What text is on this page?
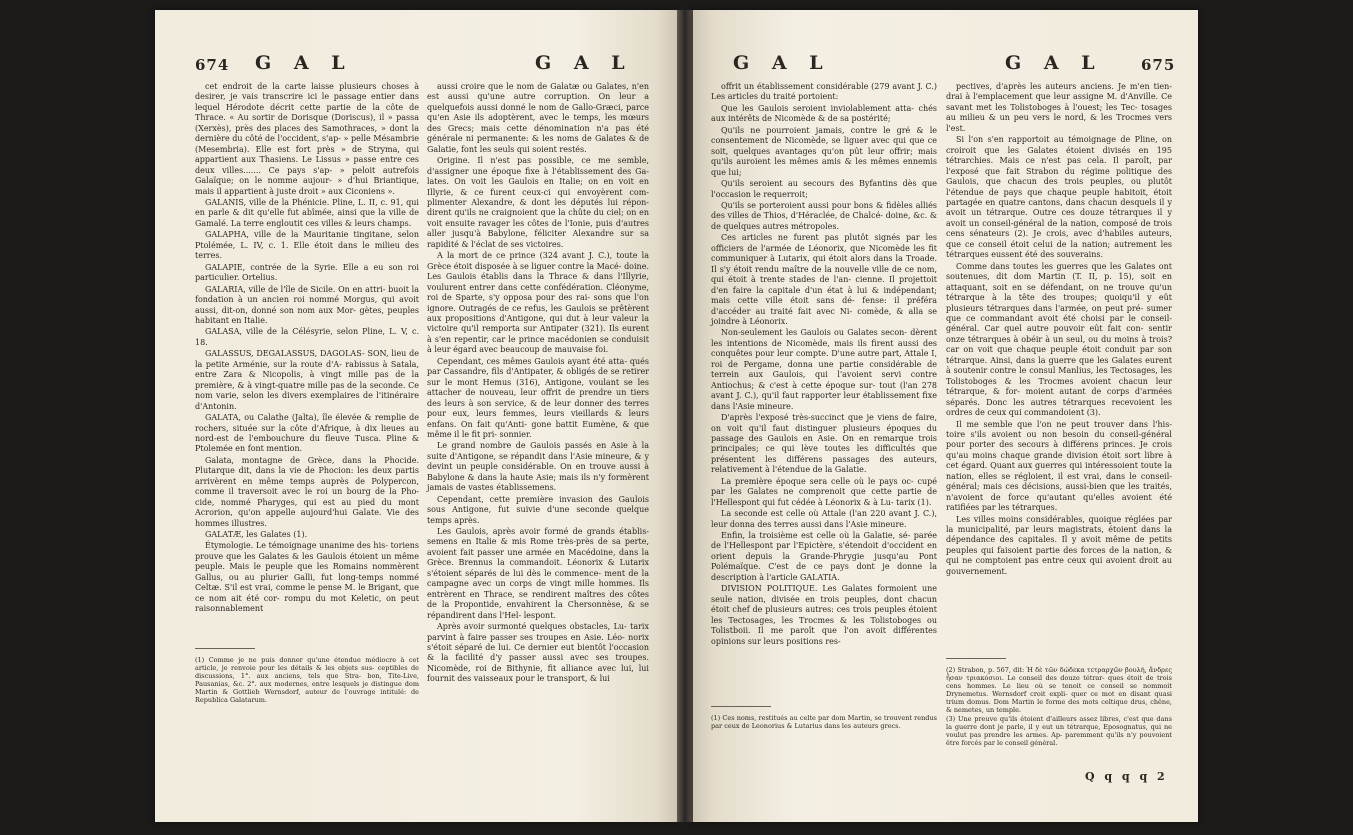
674 G A L	G A L

cet endroit de la carte laisse plusieurs choses à desirer, je vais transcrire ici le passage entier dans lequel Hérodote décrit cette partie de la côte de Thrace. « Au sortir de Dorisque (Doriscus), il » passa (Xerxès), près des places des Samothraces, » dont la dernière du côté de l'occident, s'ap- » pelle Mésambrie (Mesembria). Elle est fort près » de Stryma, qui appartient aux Thasiens. Le Lissus » passe entre ces deux villes....... Ce pays s'ap- » peloit autrefois Galaïque; on le nomme aujour- » d'hui Briantique, mais il appartient à juste droit » aux Ciconiens ».

GALANIS, ville de la Phénicie. Pline, L. II, c. 91, qui en parle & dit qu'elle fut abîmée, ainsi que la ville de Gamalé. La terre engloutit ces villes & leurs champs.

GALAPHA, ville de la Mauritanie tingitane, selon Ptolémée, L. IV, c. 1. Elle étoit dans le milieu des terres.

GALAPIE, contrée de la Syrie. Elle a eu son roi particulier. Ortelius.

GALARIA, ville de l'île de Sicile. On en attri- buoit la fondation à un ancien roi nommé Morgus, qui avoit aussi, dit-on, donné son nom aux Mor- gètes, peuples habitant en Italie.

GALASA, ville de la Célésyrie, selon Pline, L. V, c. 18.

GALASSUS, DEGALASSUS, DAGOLAS- SON, lieu de la petite Arménie, sur la route d'A- rabissus à Satala, entre Zara & Nicopolis, à vingt mille pas de la première, & à vingt-quatre mille pas de la seconde. Ce nom varie, selon les divers exemplaires de l'itinéraire d'Antonin.

GALATA, ou Calathe (Jalta), île élevée & remplie de rochers, située sur la côte d'Afrique, à dix lieues au nord-est de l'embouchure du fleuve Tusca. Pline & Ptolemée en font mention.

Galata, montagne de Grèce, dans la Phocide. Plutarque dit, dans la vie de Phocion: les deux partis arrivèrent en même temps auprès de Polypercon, comme il traversoit avec le roi un bourg de la Pho- cide, nommé Pharyges, qui est au pied du mont Acrorion, qu'on appelle aujourd'hui Galate. Vie des hommes illustres.

GALATÆ, les Galates (1).

Étymologie. Le témoignage unanime des his- toriens prouve que les Galates & les Gaulois étoient un même peuple. Mais le peuple que les Romains nommèrent Gallus, ou au plurier Galli, fut long-temps nommé Celtæ. S'il est vrai, comme le pense M. le Brigant, que ce nom ait été cor- rompu du mot Keletic, on peut raisonnablement

(1) Comme je ne puis donner qu'une étendue médiocre à cet article, je renvoie pour les détails & les objets sus- ceptibles de discussions, 1°. aux anciens, tels que Stra- bon, Tite-Live, Pausanias, &c. 2°. aux modernes, entre lesquels je distingue dom Martin & Gottlieb Wernsdorf, auteur de l'ouvrage intitulé: de Republica Galatarum.

aussi croire que le nom de Galatæ ou Galates, n'en est aussi qu'une autre corruption. On leur a quelquefois aussi donné le nom de Gallo-Græci, parce qu'en Asie ils adoptèrent, avec le temps, les mœurs des Grecs; mais cette dénomination n'a pas été générale ni permanente: & les noms de Galates & de Galatie, font les seuls qui soient restés.

Origine. Il n'est pas possible, ce me semble, d'assigner une époque fixe à l'établissement des Ga- lates. On voit les Gaulois en Italie; on en voit en Illyrie, & ce furent ceux-ci qui envoyèrent com- plimenter Alexandre, & dont les députés lui répon- dirent qu'ils ne craignoient que la chûte du ciel; on en voit ensuite ravager les côtes de l'Ionie, puis d'autres aller jusqu'à Babylone, féliciter Alexandre sur sa rapidité & l'éclat de ses victoires.

A la mort de ce prince (324 avant J. C.), toute la Grèce étoit disposée à se liguer contre la Macé- doine. Les Gaulois établis dans la Thrace & dans l'Illyrie, voulurent entrer dans cette confédération. Cléonyme, roi de Sparte, s'y opposa pour des rai- sons que l'on ignore. Outragés de ce refus, les Gaulois se prêtèrent aux propositions d'Antigone, qui dut à leur valeur la victoire qu'il remporta sur Antipater (321). Ils eurent à s'en repentir, car le prince macédonien se conduisit à leur égard avec beaucoup de mauvaise foi.

Cependant, ces mêmes Gaulois ayant été atta- qués par Cassandre, fils d'Antipater, & obligés de se retirer sur le mont Hemus (316), Antigone, voulant se les attacher de nouveau, leur offrit de prendre un tiers des leurs à son service, & de leur donner des terres pour eux, leurs femmes, leurs vieillards & leurs enfans. On fait qu'Anti- gone battit Eumène, & que même il le fit pri- sonnier.

Le grand nombre de Gaulois passés en Asie à la suite d'Antigone, se répandit dans l'Asie mineure, & y devint un peuple considérable. On en trouve aussi à Babylone & dans la haute Asie; mais ils n'y formèrent jamais de vastes établissemens.

Cependant, cette première invasion des Gaulois sous Antigone, fut suivie d'une seconde quelque temps après.

Les Gaulois, après avoir formé de grands établis- semens en Italie & mis Rome très-près de sa perte, avoient fait passer une armée en Macédoine, dans la Grèce. Brennus la commandoit. Léonorix & Lutarix s'étoient séparés de lui dès le commence- ment de la campagne avec un corps de vingt mille hommes. Ils entrèrent en Thrace, se rendirent maîtres des côtes de la Propontide, envahirent la Chersonnèse, & se répandirent dans l'Hel- lespont.

Après avoir surmonté quelques obstacles, Lu- tarix parvint à faire passer ses troupes en Asie. Léo- norix s'étoit séparé de lui. Ce dernier eut bientôt l'occasion & la facilité d'y passer aussi avec ses troupes. Nicomède, roi de Bithynie, fit alliance avec lui, lui fournit des vaisseaux pour le transport, & lui

G A L	G A L	675

offrit un établissement considérable (279 avant J. C.) Les articles du traité portoient:

Que les Gaulois seroient inviolablement atta- chés aux intérêts de Nicomède & de sa postérité;

Qu'ils ne pourroient jamais, contre le gré & le consentement de Nicomède, se liguer avec qui que ce soit, quelques avantages qu'on pût leur offrir; mais qu'ils auroient les mêmes amis & les mêmes ennemis que lui;

Qu'ils seroient au secours des Byfantins dès que l'occasion le requerroit;

Qu'ils se porteroient aussi pour bons & fidèles alliés des villes de Thios, d'Héraclée, de Chalcé- doine, &c. & de quelques autres métropoles.

Ces articles ne furent pas plutôt signés par les officiers de l'armée de Léonorix, que Nicomède les fit communiquer à Lutarix, qui étoit alors dans la Troade. Il s'y étoit rendu maître de la nouvelle ville de ce nom, qui étoit à trente stades de l'an- cienne. Il projettoit d'en faire la capitale d'un état à lui & indépendant; mais cette ville étoit sans dé- fense: il préféra d'accéder au traité fait avec Ni- comède, & alla se joindre à Léonorix.

Non-seulement les Gaulois ou Galates secon- dèrent les intentions de Nicomède, mais ils firent aussi des conquêtes pour leur compte. D'une autre part, Attale I, roi de Pergame, donna une partie considérable de terrein aux Gaulois, qui l'avoient servi contre Antiochus; & c'est à cette époque sur- tout (l'an 278 avant J. C.), qu'il faut rapporter leur établissement fixe dans l'Asie mineure.

D'après l'exposé très-succinct que je viens de faire, on voit qu'il faut distinguer plusieurs époques du passage des Gaulois en Asie. On en remarque trois principales; ce qui lève toutes les difficultés que présentent les différens passages des auteurs, relativement à l'étendue de la Galatie.

La première époque sera celle où le pays oc- cupé par les Galates ne comprenoit que cette partie de l'Hellespont qui fut cédée à Léonorix & à Lu- tarix (1).

La seconde est celle où Attale (l'an 220 avant J. C.), leur donna des terres aussi dans l'Asie mineure.

Enfin, la troisième est celle où la Galatie, sé- parée de l'Hellespont par l'Epictère, s'étendoit d'occident en orient depuis la Grande-Phrygie jusqu'au Pont Polémaïque. C'est de ce pays dont je donne la description à l'article GALATIA.

DIVISION POLITIQUE. Les Galates formoient une seule nation, divisée en trois peuples, dont chacun étoit chef de plusieurs autres: ces trois peuples étoient les Tectosages, les Trocmes & les Tolistoboges ou Tolistboii. Il me paroît que l'on avoit différentes opinions sur leurs positions res-

(1) Ces noms, restitués au celte par dom Martin, se trouvent rendus par ceux de Leonorius & Lutarius dans les auteurs grecs.

pectives, d'après les auteurs anciens. Je m'en tien- drai à l'emplacement que leur assigne M. d'Anville. Ce savant met les Tolistoboges à l'ouest; les Tec- tosages au milieu & un peu vers le nord, & les Trocmes vers l'est.

Si l'on s'en rapportoit au témoignage de Pline, on croiroit que les Galates étoient divisés en 195 tétrarchies. Mais ce n'est pas cela. Il paroît, par l'exposé que fait Strabon du régime politique des Gaulois, que chacun des trois peuples, ou plutôt l'étendue de pays que chaque peuple habitoit, étoit partagée en quatre cantons, dans chacun desquels il y avoit un tétrarque. Outre ces douze tétrarques il y avoit un conseil-général de la nation, composé de trois cens sénateurs (2). Je crois, avec d'habiles auteurs, que ce conseil étoit celui de la nation; autrement les tétrarques eussent été des souverains.

Comme dans toutes les guerres que les Galates ont soutenues, dit dom Martin (T. II, p. 15), soit en attaquant, soit en se défendant, on ne trouve qu'un tétrarque à la tête des troupes; quoiqu'il y eût plusieurs tétrarques dans l'armée, on peut pré- sumer que ce commandant avoit été choisi par le conseil-général. Car quel autre pouvoir eût fait con- sentir onze tétrarques à obéir à un seul, ou du moins à trois? car on voit que chaque peuple étoit conduit par son tétrarque. Ainsi, dans la guerre que les Galates eurent à soutenir contre le consul Manlius, les Tectosages, les Tolistoboges & les Trocmes avoient chacun leur tétrarque, & for- moient autant de corps d'armées séparés. Donc les autres tétrarques recevoient les ordres de ceux qui commandoient (3).

Il me semble que l'on ne peut trouver dans l'his- toire s'ils avoient ou non besoin du conseil-général pour porter des secours à différens princes. Je crois qu'au moins chaque grande division étoit sort libre à cet égard. Quant aux guerres qui intéressoient toute la nation, elles se régloient, il est vrai, dans le conseil-général; mais ces décisions, aussi-bien que les traités, n'avoient de force qu'autant qu'elles avoient été ratifiées par les tétrarques.

Les villes moins considérables, quoique réglées par la municipalité, par leurs magistrats, étoient dans la dépendance des capitales. Il y avoit même de petits peuples qui faisoient partie des forces de la nation, & qui ne comptoient pas entre ceux qui avoient droit au gouvernement.

(2) Strabon, p. 567, dit: Ἡ δὲ τῶν δώδεκα τετραρχῶν βουλή, ἄνδρες ἦσαν τριακόσιοι. Le conseil des douze tétrar- ques étoit de trois cens hommes. Le lieu où se tenoit ce conseil se nommoit Drynemetus. Wernsdorf croit expli- quer ce mot en disant quasi trium domus. Dom Martin le forme des mots celtique drus, chêne, & nemetes, un temple.

(3) Une preuve qu'ils étoient d'ailleurs assez libres, c'est que dans la guerre dont je parle, il y eut un tétrarque, Eposognatus, qui ne voulut pas prendre les armes. Ap- paremment qu'ils n'y pouvoient être forcés par le conseil général.

Q q q q 2
